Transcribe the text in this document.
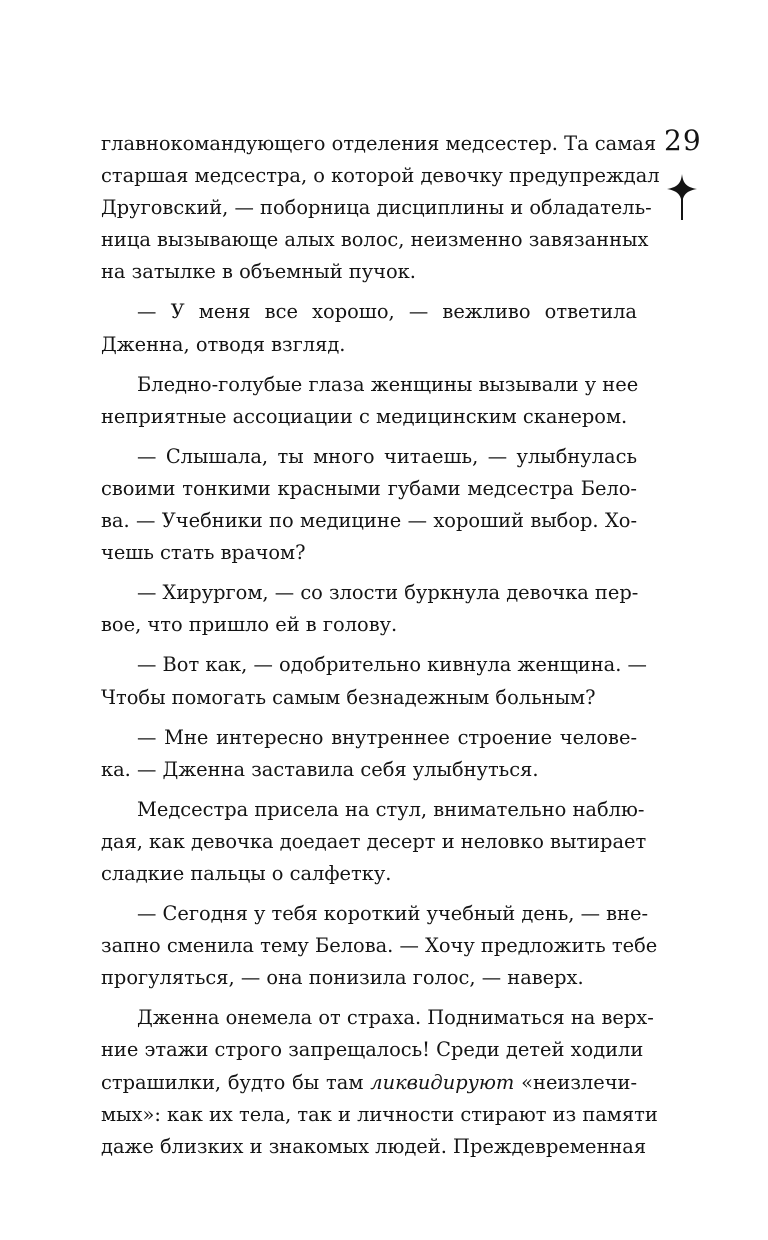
29
главнокомандующего отделения медсестер. Та самая
старшая медсестра, о которой девочку предупреждал
Друговский, — поборница дисциплины и обладатель-
ница вызывающе алых волос, неизменно завязанных
на затылке в объемный пучок.
— У меня все хорошо, — вежливо ответила
Дженна, отводя взгляд.
Бледно-голубые глаза женщины вызывали у нее
неприятные ассоциации с медицинским сканером.
— Слышала, ты много читаешь, — улыбнулась
своими тонкими красными губами медсестра Бело-
ва. — Учебники по медицине — хороший выбор. Хо-
чешь стать врачом?
— Хирургом, — со злости буркнула девочка пер-
вое, что пришло ей в голову.
— Вот как, — одобрительно кивнула женщина. —
Чтобы помогать самым безнадежным больным?
— Мне интересно внутреннее строение челове-
ка. — Дженна заставила себя улыбнуться.
Медсестра присела на стул, внимательно наблю-
дая, как девочка доедает десерт и неловко вытирает
сладкие пальцы о салфетку.
— Сегодня у тебя короткий учебный день, — вне-
запно сменила тему Белова. — Хочу предложить тебе
прогуляться, — она понизила голос, — наверх.
Дженна онемела от страха. Подниматься на верх-
ние этажи строго запрещалось! Среди детей ходили
страшилки, будто бы там ликвидируют «неизлечи-
мых»: как их тела, так и личности стирают из памяти
даже близких и знакомых людей. Преждевременная
